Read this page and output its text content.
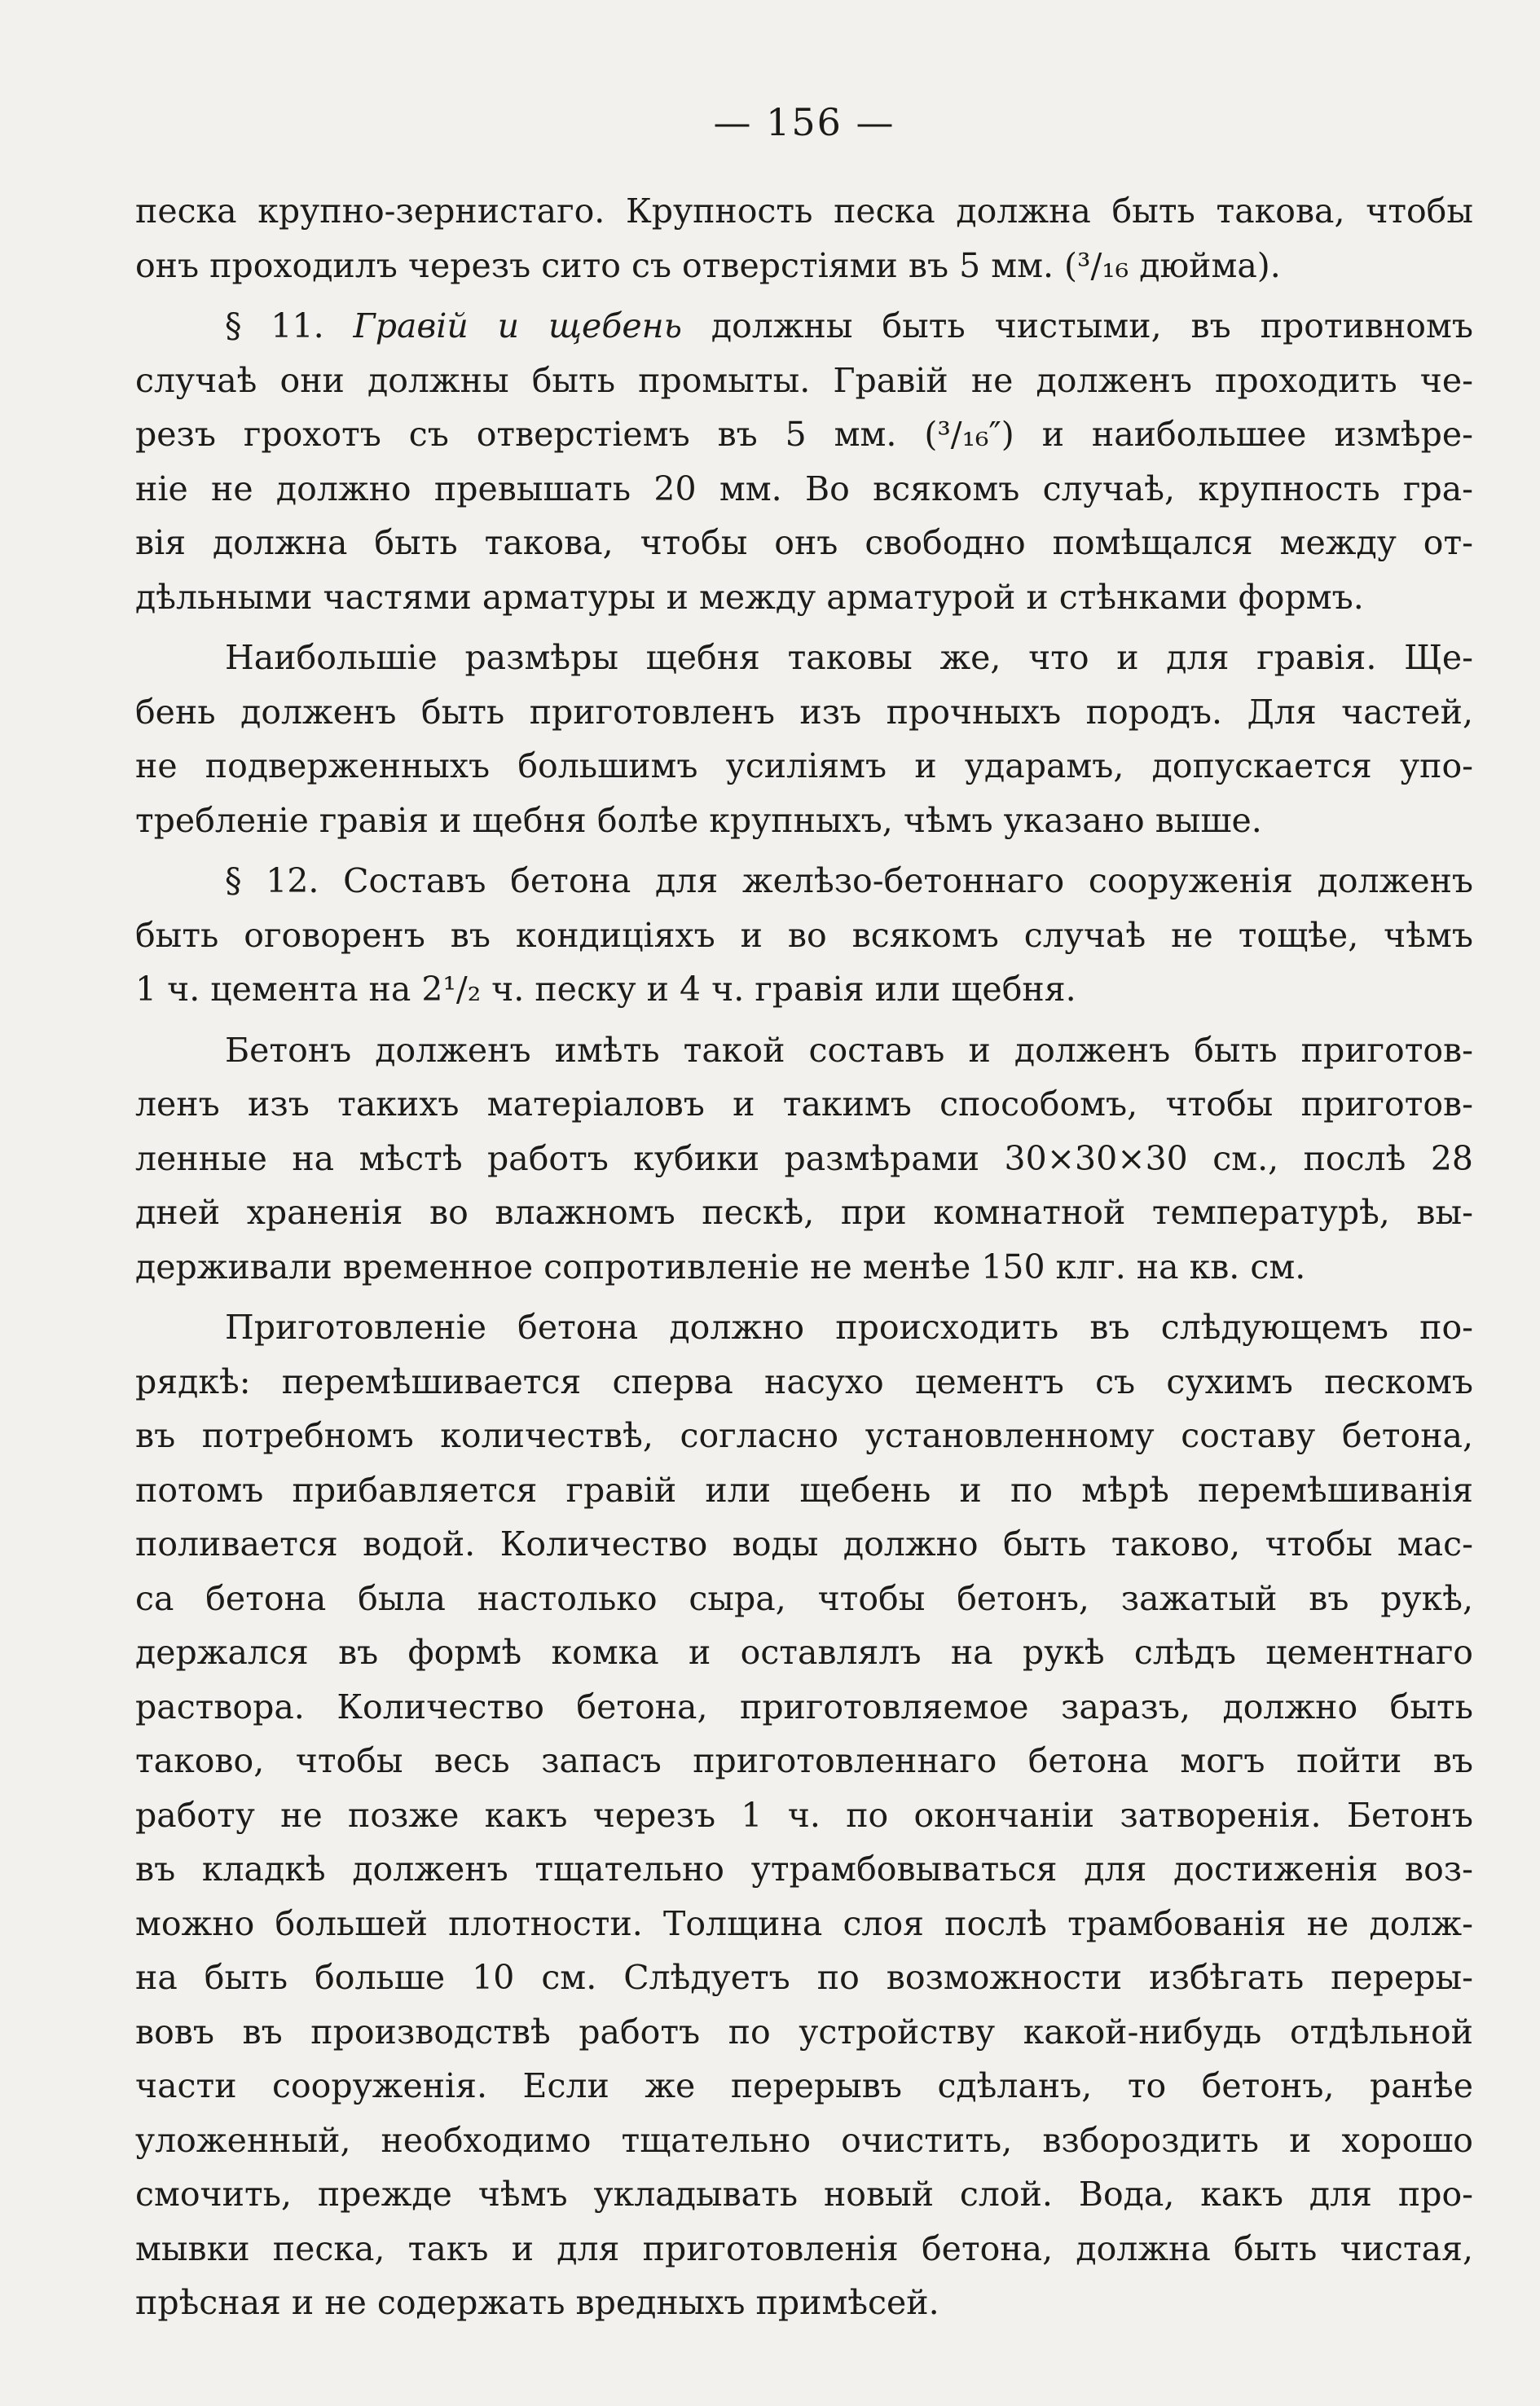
— 156 —
песка крупно-зернистаго. Крупность песка должна быть такова, чтобы
онъ проходилъ черезъ сито съ отверстіями въ 5 мм. (³/₁₆ дюйма).
§ 11. Гравій и щебень должны быть чистыми, въ противномъ
случаѣ они должны быть промыты. Гравій не долженъ проходить че-
резъ грохотъ съ отверстіемъ въ 5 мм. (³/₁₆″) и наибольшее измѣре-
ніе не должно превышать 20 мм. Во всякомъ случаѣ, крупность гра-
вія должна быть такова, чтобы онъ свободно помѣщался между от-
дѣльными частями арматуры и между арматурой и стѣнками формъ.
Наибольшіе размѣры щебня таковы же, что и для гравія. Ще-
бень долженъ быть приготовленъ изъ прочныхъ породъ. Для частей,
не подверженныхъ большимъ усиліямъ и ударамъ, допускается упо-
требленіе гравія и щебня болѣе крупныхъ, чѣмъ указано выше.
§ 12. Составъ бетона для желѣзо-бетоннаго сооруженія долженъ
быть оговоренъ въ кондиціяхъ и во всякомъ случаѣ не тощѣе, чѣмъ
1 ч. цемента на 2¹/₂ ч. песку и 4 ч. гравія или щебня.
Бетонъ долженъ имѣть такой составъ и долженъ быть приготов-
ленъ изъ такихъ матеріаловъ и такимъ способомъ, чтобы приготов-
ленные на мѣстѣ работъ кубики размѣрами 30×30×30 см., послѣ 28
дней храненія во влажномъ пескѣ, при комнатной температурѣ, вы-
держивали временное сопротивленіе не менѣе 150 клг. на кв. см.
Приготовленіе бетона должно происходить въ слѣдующемъ по-
рядкѣ: перемѣшивается сперва насухо цементъ съ сухимъ пескомъ
въ потребномъ количествѣ, согласно установленному составу бетона,
потомъ прибавляется гравій или щебень и по мѣрѣ перемѣшиванія
поливается водой. Количество воды должно быть таково, чтобы мас-
са бетона была настолько сыра, чтобы бетонъ, зажатый въ рукѣ,
держался въ формѣ комка и оставлялъ на рукѣ слѣдъ цементнаго
раствора. Количество бетона, приготовляемое заразъ, должно быть
таково, чтобы весь запасъ приготовленнаго бетона могъ пойти въ
работу не позже какъ черезъ 1 ч. по окончаніи затворенія. Бетонъ
въ кладкѣ долженъ тщательно утрамбовываться для достиженія воз-
можно большей плотности. Толщина слоя послѣ трамбованія не долж-
на быть больше 10 см. Слѣдуетъ по возможности избѣгать переры-
вовъ въ производствѣ работъ по устройству какой-нибудь отдѣльной
части сооруженія. Если же перерывъ сдѣланъ, то бетонъ, ранѣе
уложенный, необходимо тщательно очистить, взбороздить и хорошо
смочить, прежде чѣмъ укладывать новый слой. Вода, какъ для про-
мывки песка, такъ и для приготовленія бетона, должна быть чистая,
прѣсная и не содержать вредныхъ примѣсей.
